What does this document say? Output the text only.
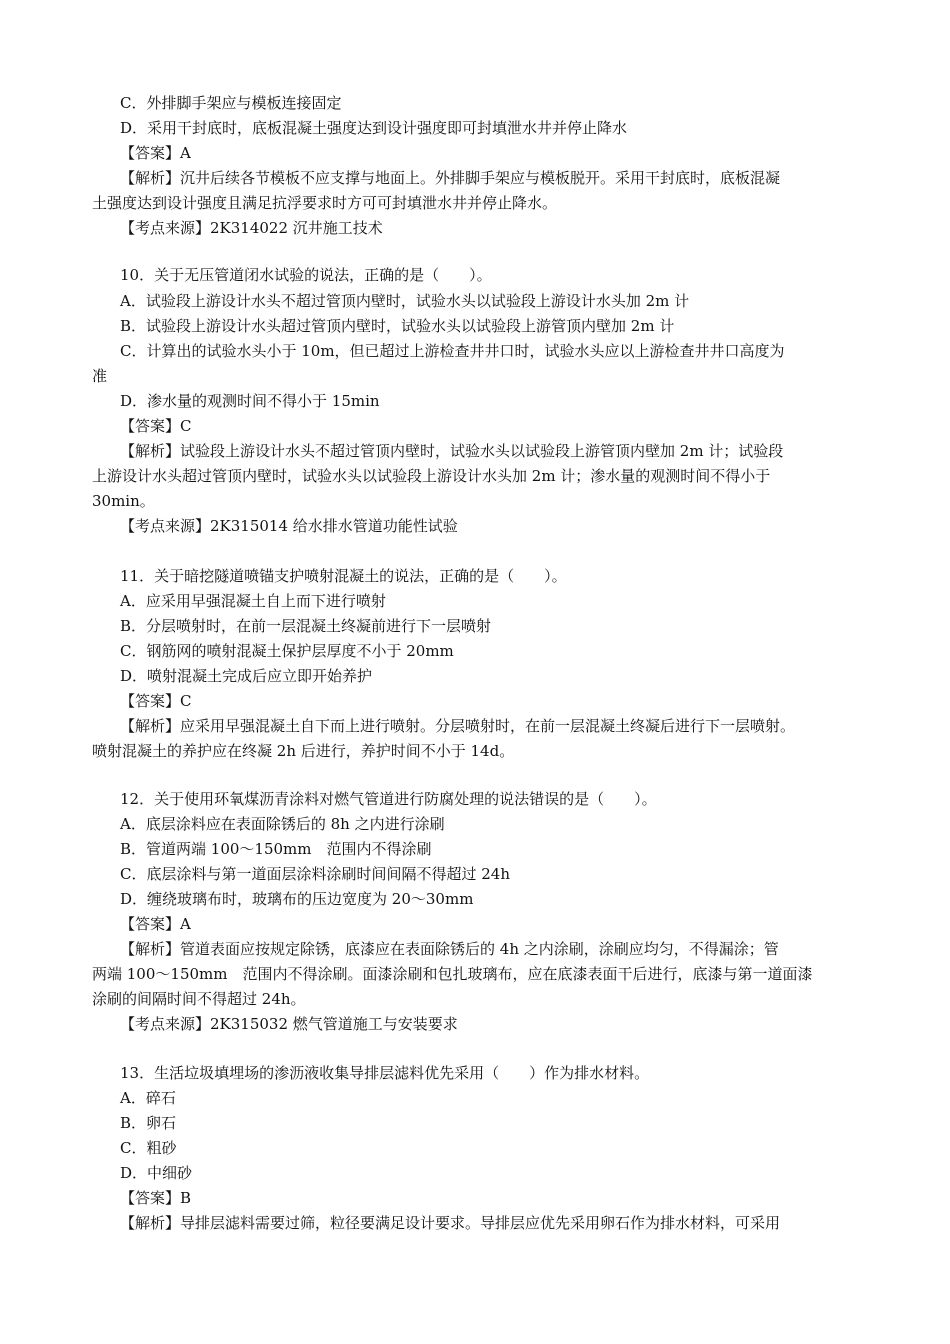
C．外排脚手架应与模板连接固定
D．采用干封底时，底板混凝土强度达到设计强度即可封填泄水井并停止降水
【答案】A
【解析】沉井后续各节模板不应支撑与地面上。外排脚手架应与模板脱开。采用干封底时，底板混凝
土强度达到设计强度且满足抗浮要求时方可可封填泄水井并停止降水。
【考点来源】2K314022 沉井施工技术
10．关于无压管道闭水试验的说法，正确的是（　　）。
A．试验段上游设计水头不超过管顶内壁时，试验水头以试验段上游设计水头加 2m 计
B．试验段上游设计水头超过管顶内壁时，试验水头以试验段上游管顶内壁加 2m 计
C．计算出的试验水头小于 10m，但已超过上游检查井井口时，试验水头应以上游检查井井口高度为
准
D．渗水量的观测时间不得小于 15min
【答案】C
【解析】试验段上游设计水头不超过管顶内壁时，试验水头以试验段上游管顶内壁加 2m 计；试验段
上游设计水头超过管顶内壁时，试验水头以试验段上游设计水头加 2m 计；渗水量的观测时间不得小于
30min。
【考点来源】2K315014 给水排水管道功能性试验
11．关于暗挖隧道喷锚支护喷射混凝土的说法，正确的是（　　）。
A．应采用早强混凝土自上而下进行喷射
B．分层喷射时，在前一层混凝土终凝前进行下一层喷射
C．钢筋网的喷射混凝土保护层厚度不小于 20mm
D．喷射混凝土完成后应立即开始养护
【答案】C
【解析】应采用早强混凝土自下而上进行喷射。分层喷射时，在前一层混凝土终凝后进行下一层喷射。
喷射混凝土的养护应在终凝 2h 后进行，养护时间不小于 14d。
12．关于使用环氧煤沥青涂料对燃气管道进行防腐处理的说法错误的是（　　）。
A．底层涂料应在表面除锈后的 8h 之内进行涂刷
B．管道两端 100～150mm　范围内不得涂刷
C．底层涂料与第一道面层涂料涂刷时间间隔不得超过 24h
D．缠绕玻璃布时，玻璃布的压边宽度为 20～30mm
【答案】A
【解析】管道表面应按规定除锈，底漆应在表面除锈后的 4h 之内涂刷，涂刷应均匀，不得漏涂；管
两端 100～150mm　范围内不得涂刷。面漆涂刷和包扎玻璃布，应在底漆表面干后进行，底漆与第一道面漆
涂刷的间隔时间不得超过 24h。
【考点来源】2K315032 燃气管道施工与安装要求
13．生活垃圾填埋场的渗沥液收集导排层滤料优先采用（　　）作为排水材料。
A．碎石
B．卵石
C．粗砂
D．中细砂
【答案】B
【解析】导排层滤料需要过筛，粒径要满足设计要求。导排层应优先采用卵石作为排水材料，可采用
